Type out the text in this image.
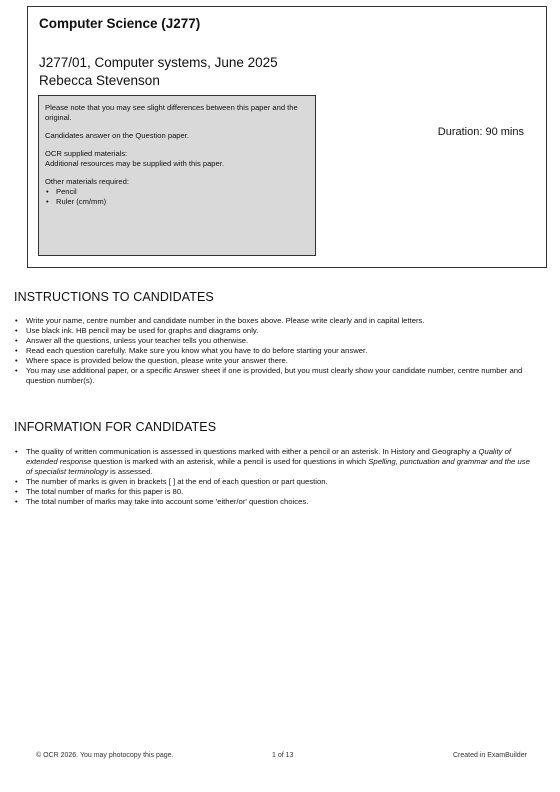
Computer Science (J277)
J277/01, Computer systems, June 2025
Rebecca Stevenson

Please note that you may see slight differences between this paper and the original.

Candidates answer on the Question paper.

OCR supplied materials:

Additional resources may be supplied with this paper.

Other materials required:

• Pencil
• Ruler (cm/mm)
Duration: 90 mins
INSTRUCTIONS TO CANDIDATES
• Write your name, centre number and candidate number in the boxes above. Please write clearly and in capital letters.
• Use black ink. HB pencil may be used for graphs and diagrams only.
• Answer all the questions, unless your teacher tells you otherwise.
• Read each question carefully. Make sure you know what you have to do before starting your answer.
• Where space is provided below the question, please write your answer there.
• You may use additional paper, or a specific Answer sheet if one is provided, but you must clearly show your candidate number, centre number and question number(s).
INFORMATION FOR CANDIDATES
• The quality of written communication is assessed in questions marked with either a pencil or an asterisk. In History and Geography a Quality of extended response question is marked with an asterisk, while a pencil is used for questions in which Spelling, punctuation and grammar and the use of specialist terminology is assessed.
• The number of marks is given in brackets [ ] at the end of each question or part question.
• The total number of marks for this paper is 80.
• The total number of marks may take into account some 'either/or' question choices.
© OCR 2026. You may photocopy this page.	1 of 13	Created in ExamBuilder
